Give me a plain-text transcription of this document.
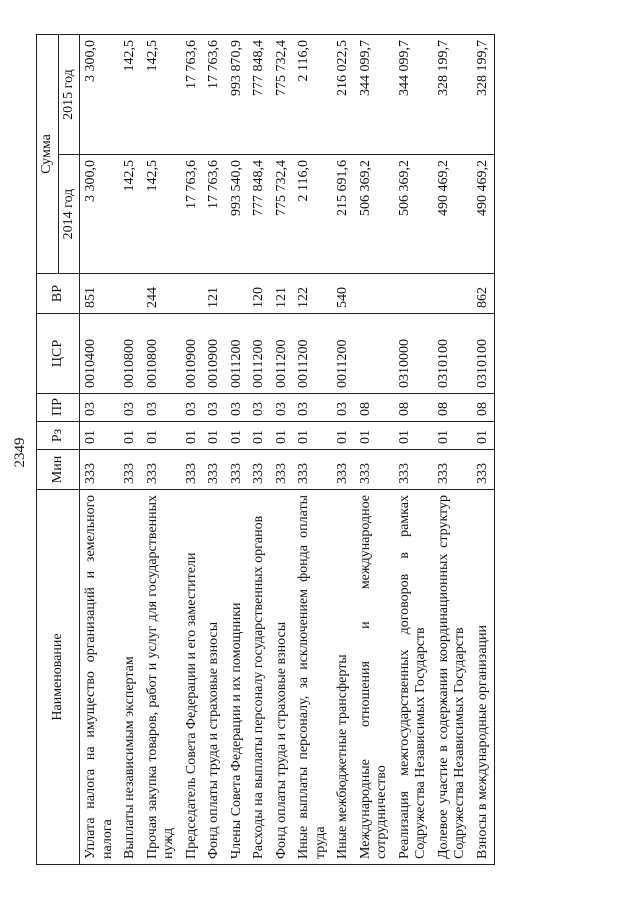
2349
Наименование	Мин	Рз	ПР	ЦСР	ВР	Сумма	
						2014 год	2015 год
Уплата налога на имущество организаций и земельного налога	333	01	03	0010400	851	3 300,0	3 300,0
Выплаты независимым экспертам	333	01	03	0010800		142,5	142,5
Прочая закупка товаров, работ и услуг для государственных нужд	333	01	03	0010800	244	142,5	142,5
Председатель Совета Федерации и его заместители	333	01	03	0010900		17 763,6	17 763,6
Фонд оплаты труда и страховые взносы	333	01	03	0010900	121	17 763,6	17 763,6
Члены Совета Федерации и их помощники	333	01	03	0011200		993 540,0	993 870,9
Расходы на выплаты персоналу государственных органов	333	01	03	0011200	120	777 848,4	777 848,4
Фонд оплаты труда и страховые взносы	333	01	03	0011200	121	775 732,4	775 732,4
Иные выплаты персоналу, за исключением фонда оплаты труда	333	01	03	0011200	122	2 116,0	2 116,0
Иные межбюджетные трансферты	333	01	03	0011200	540	215 691,6	216 022,5
Международные отношения и международное сотрудничество	333	01	08			506 369,2	344 099,7
Реализация межгосударственных договоров в рамках Содружества Независимых Государств	333	01	08	0310000		506 369,2	344 099,7
Долевое участие в содержании координационных структур Содружества Независимых Государств	333	01	08	0310100		490 469,2	328 199,7
Взносы в международные организации	333	01	08	0310100	862	490 469,2	328 199,7
